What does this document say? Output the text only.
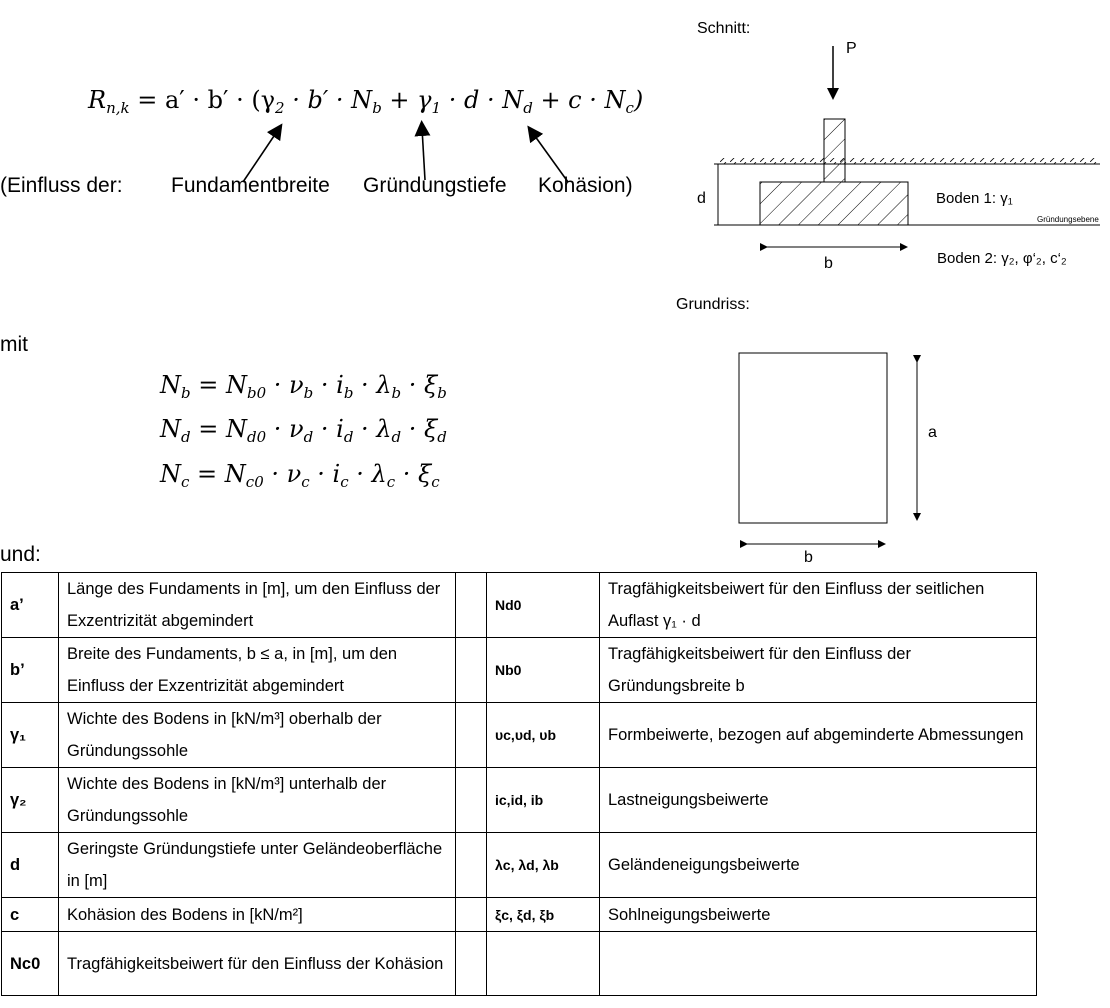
$R_{n,k} = a' \cdot b' \cdot (\gamma_2 \cdot b' \cdot N_b + \gamma_1 \cdot d \cdot N_d + c \cdot N_c)$
(Einfluss der: Fundamentbreite Gründungstiefe Kohäsion)
mit
$N_b = N_{b0} \cdot \nu_b \cdot i_b \cdot \lambda_b \cdot \xi_b$
$N_d = N_{d0} \cdot \nu_d \cdot i_d \cdot \lambda_d \cdot \xi_d$
$N_c = N_{c0} \cdot \nu_c \cdot i_c \cdot \lambda_c \cdot \xi_c$
und:
Schnitt:
P
d
b
Boden 1: γ₁
Gründungsebene
Boden 2: γ₂, φ‘₂, c‘₂
Grundriss:
a
b
a’	Länge des Fundaments in [m], um den Einfluss der Exzentrizität abgemindert		Nd0	Tragfähigkeitsbeiwert für den Einfluss der seitlichen Auflast γ₁ · d
b’	Breite des Fundaments, b ≤ a, in [m], um den Einfluss der Exzentrizität abgemindert		Nb0	Tragfähigkeitsbeiwert für den Einfluss der Gründungsbreite b
γ₁	Wichte des Bodens in [kN/m³] oberhalb der Gründungssohle		υc,υd, υb	Formbeiwerte, bezogen auf abgeminderte Abmessungen
γ₂	Wichte des Bodens in [kN/m³] unterhalb der Gründungssohle		ic,id, ib	Lastneigungsbeiwerte
d	Geringste Gründungstiefe unter Geländeoberfläche in [m]		λc, λd, λb	Geländeneigungsbeiwerte
c	Kohäsion des Bodens in [kN/m²]		ξc, ξd, ξb	Sohlneigungsbeiwerte
Nc0	Tragfähigkeitsbeiwert für den Einfluss der Kohäsion			
